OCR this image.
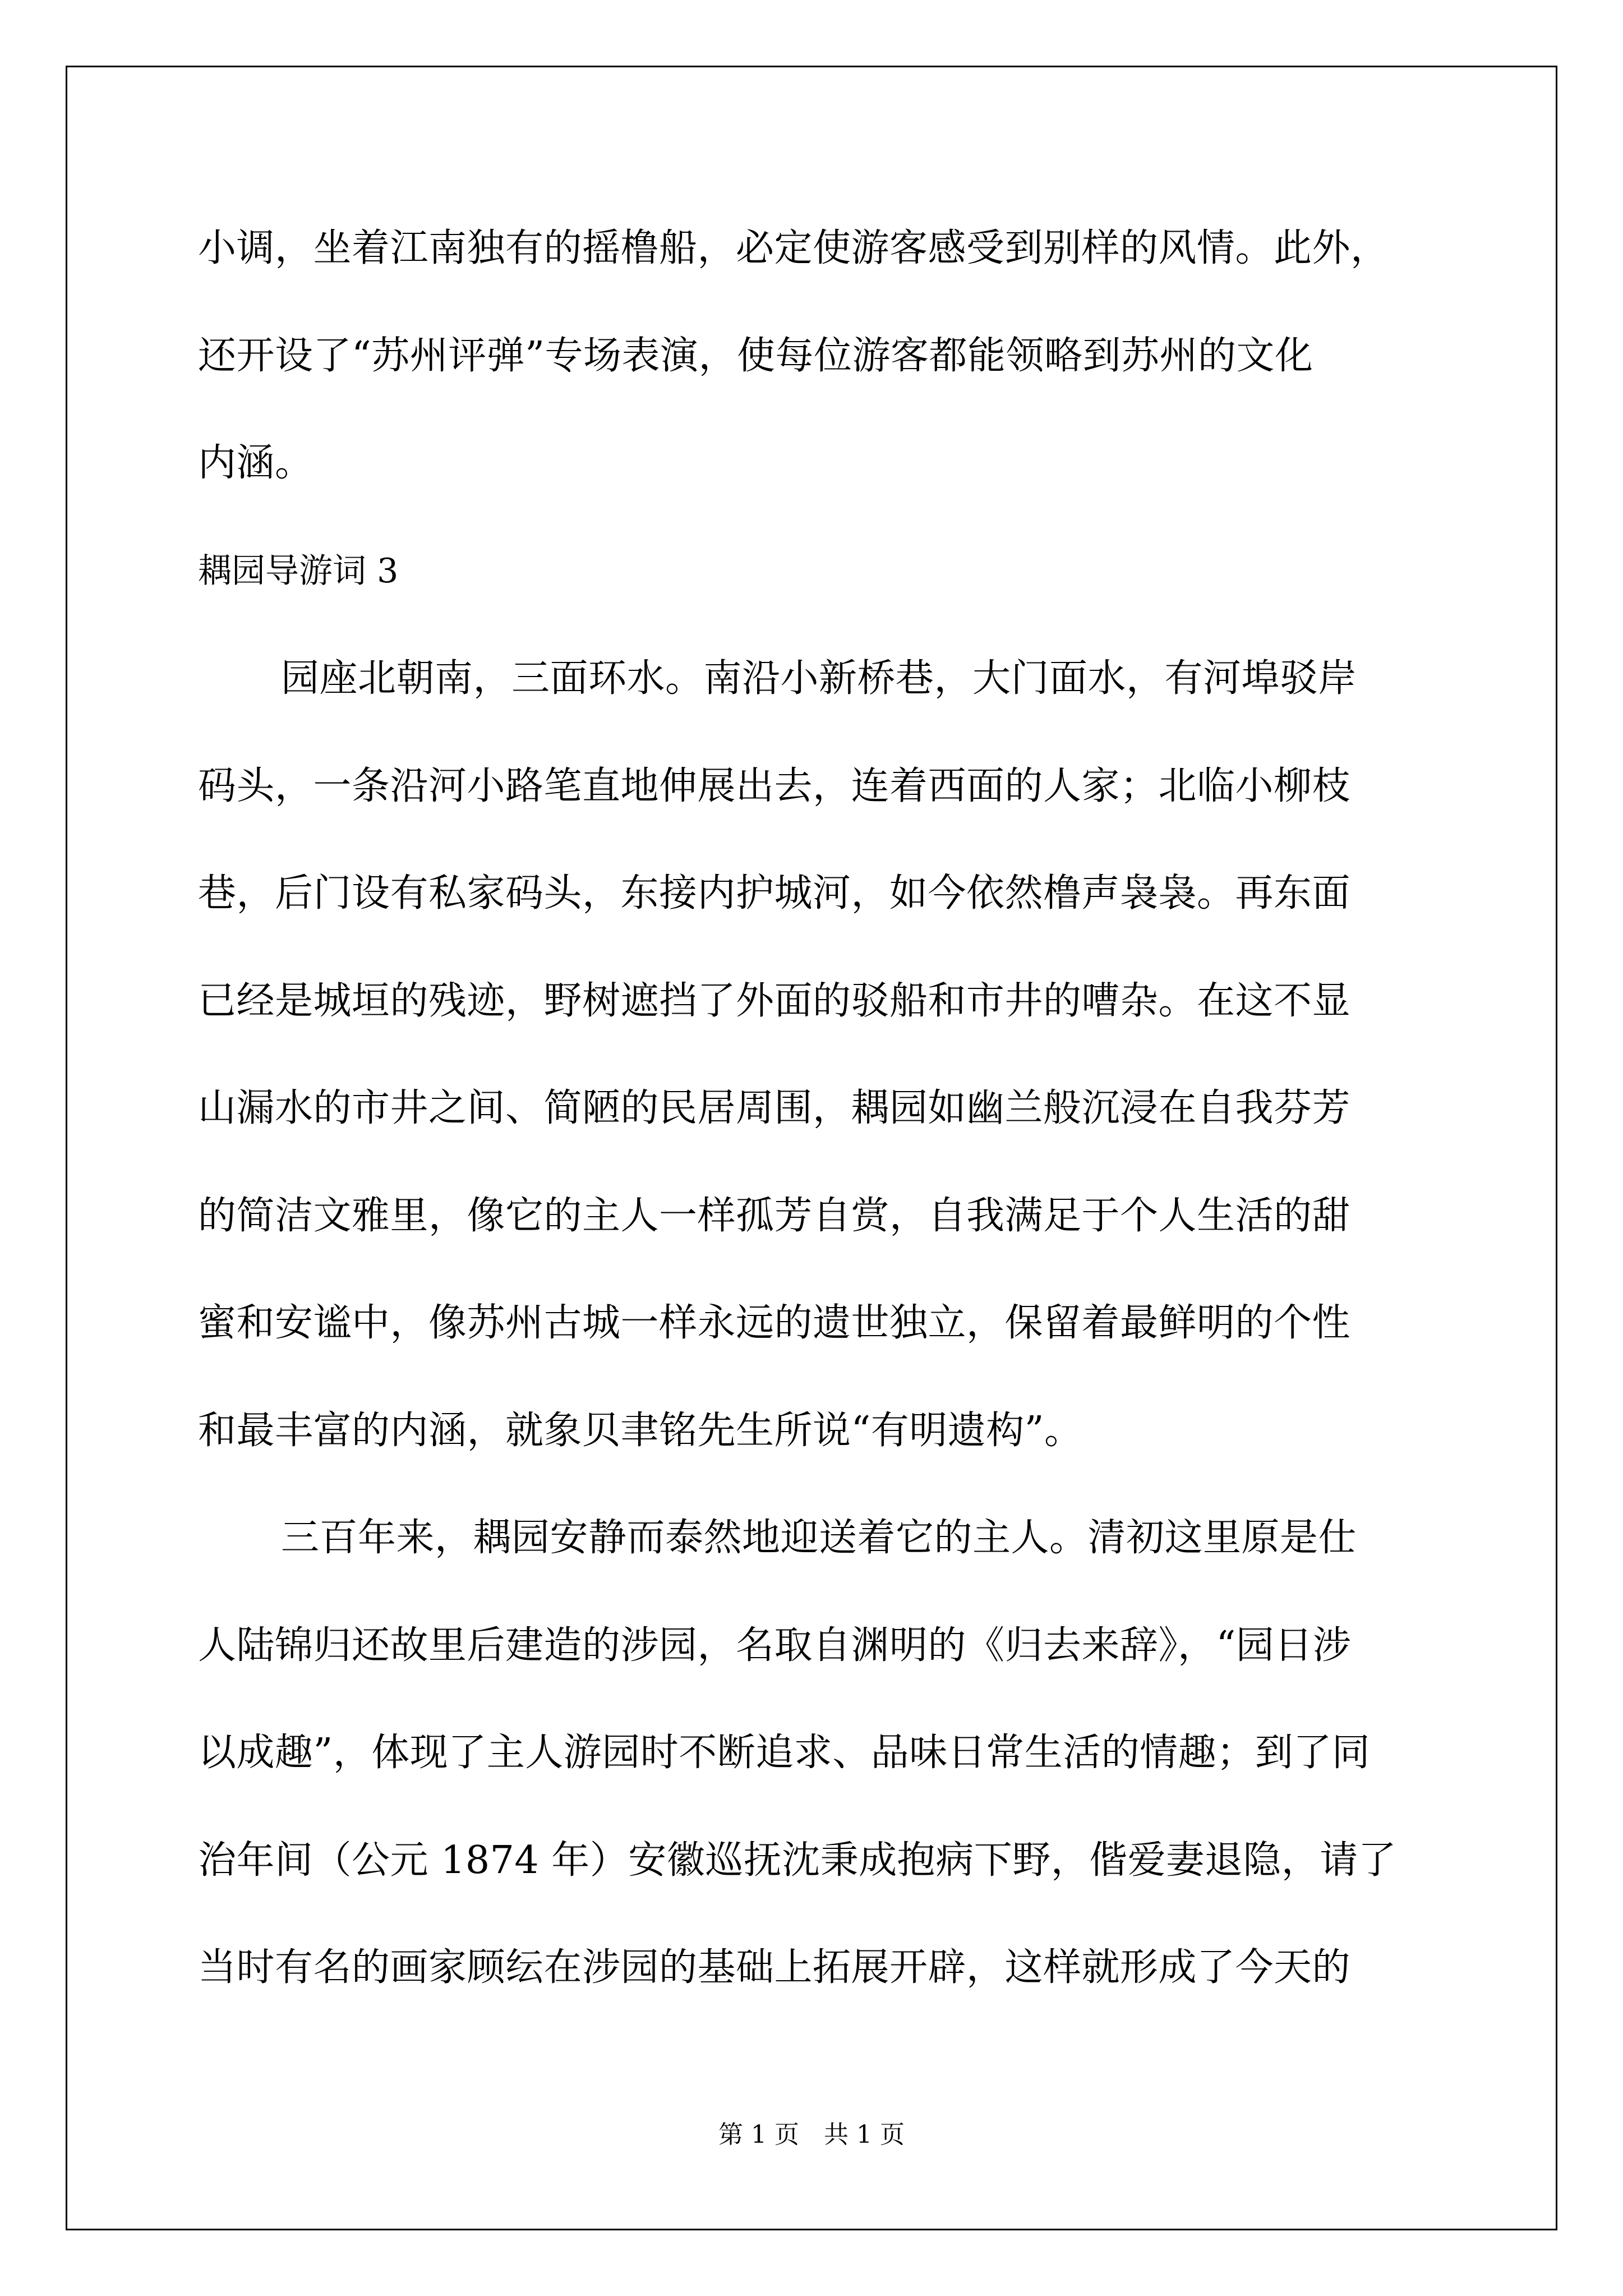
小调，坐着江南独有的摇橹船，必定使游客感受到别样的风情。此外，
还开设了“苏州评弹”专场表演，使每位游客都能领略到苏州的文化
内涵。
耦园导游词 3
园座北朝南，三面环水。南沿小新桥巷，大门面水，有河埠驳岸
码头，一条沿河小路笔直地伸展出去，连着西面的人家；北临小柳枝
巷，后门设有私家码头，东接内护城河，如今依然橹声袅袅。再东面
已经是城垣的残迹，野树遮挡了外面的驳船和市井的嘈杂。在这不显
山漏水的市井之间、简陋的民居周围，耦园如幽兰般沉浸在自我芬芳
的简洁文雅里，像它的主人一样孤芳自赏，自我满足于个人生活的甜
蜜和安谧中，像苏州古城一样永远的遗世独立，保留着最鲜明的个性
和最丰富的内涵，就象贝聿铭先生所说“有明遗构”。
三百年来，耦园安静而泰然地迎送着它的主人。清初这里原是仕
人陆锦归还故里后建造的涉园，名取自渊明的《归去来辞》，“园日涉
以成趣”，体现了主人游园时不断追求、品味日常生活的情趣；到了同
治年间（公元 1874 年）安徽巡抚沈秉成抱病下野，偕爱妻退隐，请了
当时有名的画家顾纭在涉园的基础上拓展开辟，这样就形成了今天的
第 1 页　共 1 页
